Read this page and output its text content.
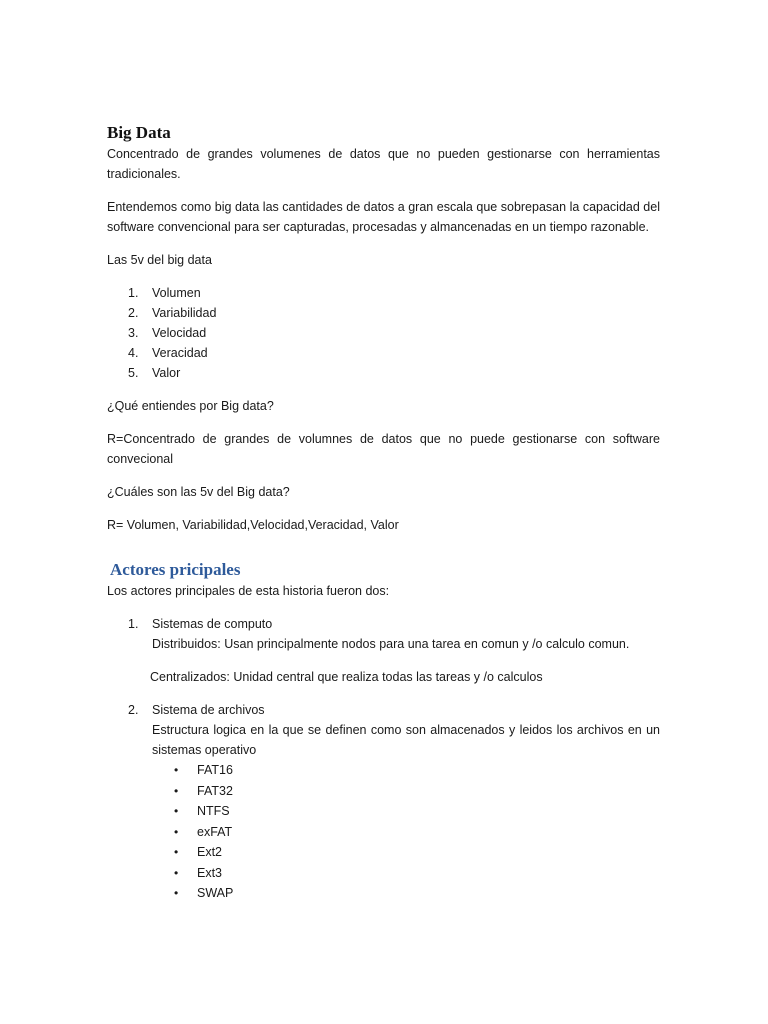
Big Data

Concentrado de grandes volumenes de datos que no pueden gestionarse con herramientas tradicionales.

Entendemos como big data las cantidades de datos a gran escala que sobrepasan la capacidad del software convencional para ser capturadas, procesadas y almancenadas en un tiempo razonable.

Las 5v del big data

1. Volumen
2. Variabilidad
3. Velocidad
4. Veracidad
5. Valor

¿Qué entiendes por Big data?

R=Concentrado de grandes de volumnes de datos que no puede gestionarse con software convecional

¿Cuáles son las 5v del Big data?

R= Volumen, Variabilidad,Velocidad,Veracidad, Valor

Actores pricipales

Los actores principales de esta historia fueron dos:

1. Sistemas de computo
Distribuidos: Usan principalmente nodos para una tarea en comun y /o calculo comun.

Centralizados: Unidad central que realiza todas las tareas y /o calculos

2. Sistema de archivos
Estructura logica en la que se definen como son almacenados y leidos los archivos en un sistemas operativo
• FAT16
• FAT32
• NTFS
• exFAT
• Ext2
• Ext3
• SWAP
